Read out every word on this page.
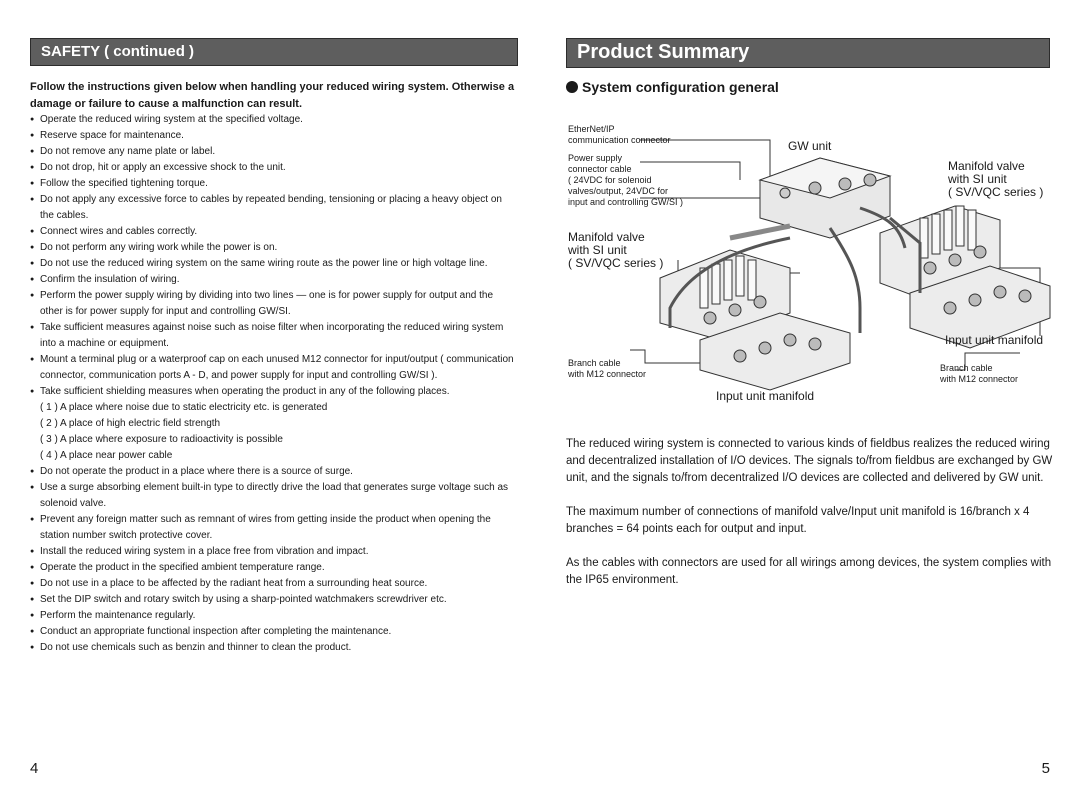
SAFETY ( continued )

Follow the instructions given below when handling your reduced wiring system. Otherwise a damage or failure to cause a malfunction can result.

● Operate the reduced wiring system at the specified voltage.
● Reserve space for maintenance.
● Do not remove any name plate or label.
● Do not drop, hit or apply an excessive shock to the unit.
● Follow the specified tightening torque.
● Do not apply any excessive force to cables by repeated bending, tensioning or placing a heavy object on the cables.
● Connect wires and cables correctly.
● Do not perform any wiring work while the power is on.
● Do not use the reduced wiring system on the same wiring route as the power line or high voltage line.
● Confirm the insulation of wiring.
● Perform the power supply wiring by dividing into two lines — one is for power supply for output and the other is for power supply for input and controlling GW/SI.
● Take sufficient measures against noise such as noise filter when incorporating the reduced wiring system into a machine or equipment.
● Mount a terminal plug or a waterproof cap on each unused M12 connector for input/output ( communication connector, communication ports A - D, and power supply for input and controlling GW/SI ).
● Take sufficient shielding measures when operating the product in any of the following places.
( 1 ) A place where noise due to static electricity etc. is generated
( 2 ) A place of high electric field strength
( 3 ) A place where exposure to radioactivity is possible
( 4 ) A place near power cable
● Do not operate the product in a place where there is a source of surge.
● Use a surge absorbing element built-in type to directly drive the load that generates surge voltage such as solenoid valve.
● Prevent any foreign matter such as remnant of wires from getting inside the product when opening the station number switch protective cover.
● Install the reduced wiring system in a place free from vibration and impact.
● Operate the product in the specified ambient temperature range.
● Do not use in a place to be affected by the radiant heat from a surrounding heat source.
● Set the DIP switch and rotary switch by using a sharp-pointed watchmakers screwdriver etc.
● Perform the maintenance regularly.
● Conduct an appropriate functional inspection after completing the maintenance.
● Do not use chemicals such as benzin and thinner to clean the product.
4
Product Summary
System configuration general
EtherNet/IP
communication connector
Power supply
connector cable
( 24VDC for solenoid
valves/output, 24VDC for
input and controlling GW/SI )
GW unit
Manifold valve
with SI unit
( SV/VQC series )
Manifold valve
with SI unit
( SV/VQC series )
Input unit manifold
Branch cable
with M12 connector
Branch cable
with M12 connector
Input unit manifold

The reduced wiring system is connected to various kinds of fieldbus realizes the reduced wiring and decentralized installation of I/O devices. The signals to/from fieldbus are exchanged by GW unit, and the signals to/from decentralized I/O devices are collected and delivered by GW unit.

The maximum number of connections of manifold valve/Input unit manifold is 16/branch x 4 branches = 64 points each for output and input.

As the cables with connectors are used for all wirings among devices, the system complies with the IP65 environment.

5
